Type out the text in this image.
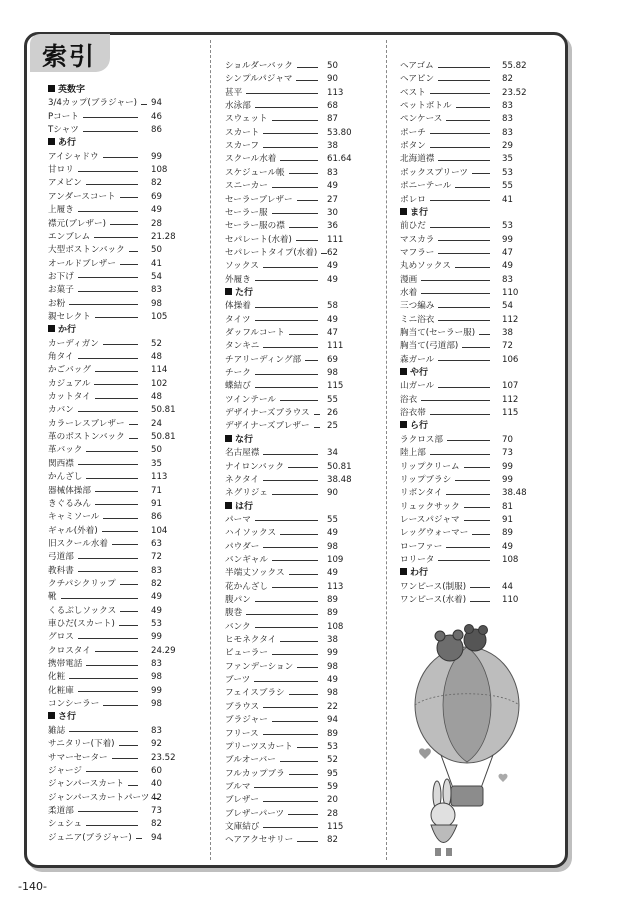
索引
英数字
3/4カップ(ブラジャー) 94
Pコート	46
Tシャツ	86
あ行
アイシャドウ	99
甘ロリ	108
アメピン	82
アンダースコート	69
上履き	49
襟元(ブレザー)	28
エンブレム	21.28
大型ボストンバック	50
オールドブレザー	41
お下げ	54
お菓子	83
お粉	98
親セレクト	105
か行
カーディガン	52
角タイ	48
かごバッグ	114
カジュアル	102
カットタイ	48
カバン	50.81
カラーレスブレザー	24
革のボストンバック	50.81
革バック	50
関西襟	35
かんざし	113
器械体操部	71
きぐるみん	91
キャミソール	86
ギャル(外着)	104
旧スクール水着	63
弓道部	72
教科書	83
クチパシクリップ	82
靴	49
くるぶしソックス	49
車ひだ(スカート)	53
グロス	99
クロスタイ	24.29
携帯電話	83
化粧	98
化粧庫	99
コンシーラー	98
さ行
雑誌	83
サニタリー(下着)	92
サマーセーター	23.52
ジャージ	60
ジャンパースカート	40
ジャンパースカートパーツ 42
柔道部	73
シュシュ	82
ジュニア(ブラジャー) 94
ショルダーバック	50
シンプルパジャマ	90
甚平	113
水泳部	68
スウェット	87
スカート	53.80
スカーフ	38
スクール水着	61.64
スケジュール帳	83
スニーカー	49
セーラーブレザー	27
セーラー服	30
セーラー服の襟	36
セパレート(水着)	111
セパレートタイプ(水着) 62
ソックス	49
外履き	49
た行
体操着	58
タイツ	49
ダッフルコート	47
タンキニ	111
チアリーディング部	69
チーク	98
蝶結び	115
ツインテール	55
デザイナーズブラウス 26
デザイナーズブレザー 25
な行
名古屋襟	34
ナイロンバック	50.81
ネクタイ	38.48
ネグリジェ	90
は行
パーマ	55
ハイソックス	49
パウダー	98
バンギャル	109
半端丈ソックス	49
花かんざし	113
腹パン	89
腹巻	89
バンク	108
ヒモネクタイ	38
ビューラー	99
ファンデーション	98
ブーツ	49
フェイスブラシ	98
ブラウス	22
ブラジャー	94
フリース	89
プリーツスカート	53
ブルオーバー	52
フルカップブラ	95
ブルマ	59
ブレザー	20
ブレザーパーツ	28
文庫結び	115
ヘアアクセサリー	82
ヘアゴム	55.82
ヘアピン	82
ベスト	23.52
ペットボトル	83
ペンケース	83
ポーチ	83
ボタン	29
北海道襟	35
ボックスプリーツ	53
ポニーテール	55
ボレロ	41
ま行
前ひだ	53
マスカラ	99
マフラー	47
丸めソックス	49
漫画	83
水着	110
三つ編み	54
ミニ浴衣	112
胸当て(セーラー服)	38
胸当て(弓道部)	72
森ガール	106
や行
山ガール	107
浴衣	112
浴衣帯	115
ら行
ラクロス部	70
陸上部	73
リップクリーム	99
リップブラシ	99
リボンタイ	38.48
リュックサック	81
レースパジャマ	91
レッグウォーマー	89
ローファー	49
ロリータ	108
わ行
ワンピース(制服)	44
ワンピース(水着)	110
-140-
